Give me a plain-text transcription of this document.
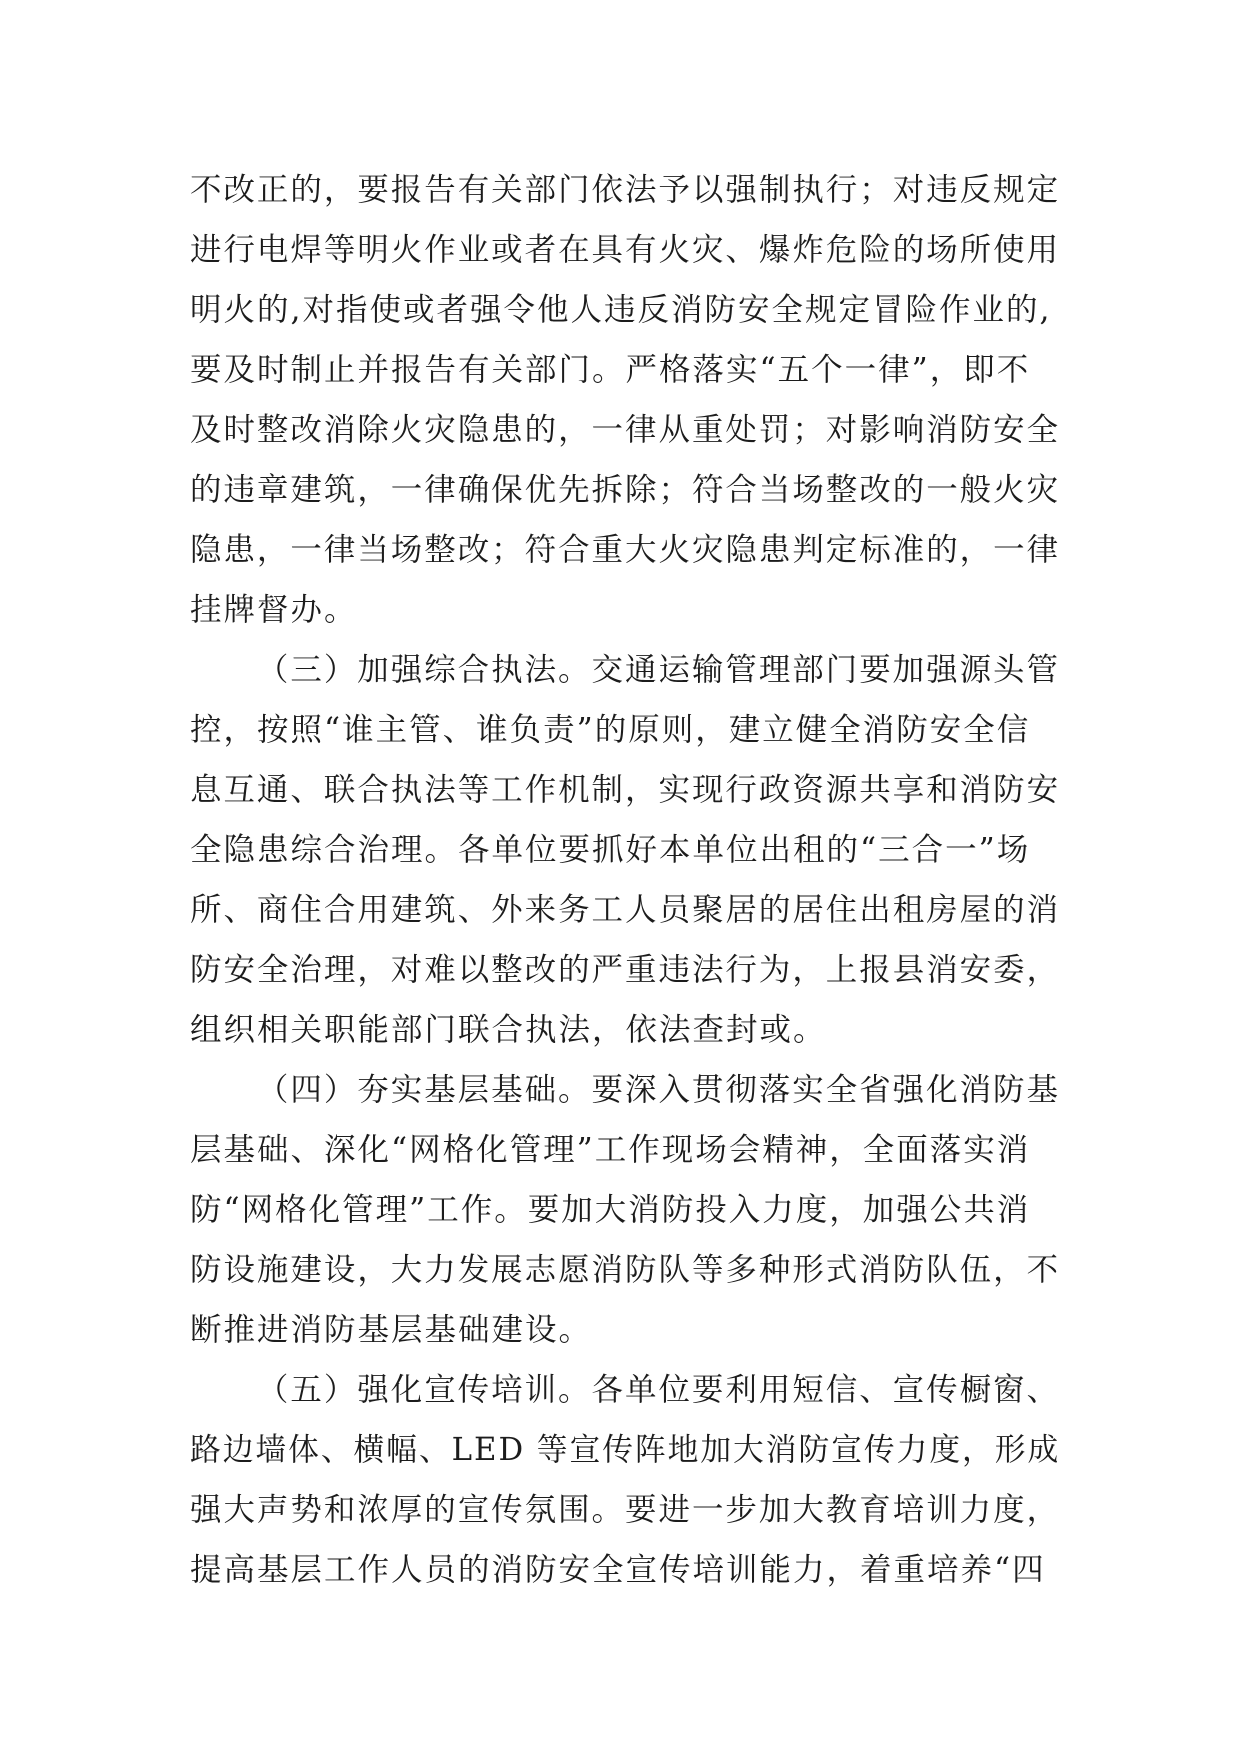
不改正的，要报告有关部门依法予以强制执行；对违反规定
进行电焊等明火作业或者在具有火灾、爆炸危险的场所使用
明火的,对指使或者强令他人违反消防安全规定冒险作业的,
要及时制止并报告有关部门。严格落实“五个一律”，即不
及时整改消除火灾隐患的，一律从重处罚；对影响消防安全
的违章建筑，一律确保优先拆除；符合当场整改的一般火灾
隐患，一律当场整改；符合重大火灾隐患判定标准的，一律
挂牌督办。

（三）加强综合执法。交通运输管理部门要加强源头管
控，按照“谁主管、谁负责”的原则，建立健全消防安全信
息互通、联合执法等工作机制，实现行政资源共享和消防安
全隐患综合治理。各单位要抓好本单位出租的“三合一”场
所、商住合用建筑、外来务工人员聚居的居住出租房屋的消
防安全治理，对难以整改的严重违法行为，上报县消安委，
组织相关职能部门联合执法，依法查封或。

（四）夯实基层基础。要深入贯彻落实全省强化消防基
层基础、深化“网格化管理”工作现场会精神，全面落实消
防“网格化管理”工作。要加大消防投入力度，加强公共消
防设施建设，大力发展志愿消防队等多种形式消防队伍，不
断推进消防基层基础建设。

（五）强化宣传培训。各单位要利用短信、宣传橱窗、
路边墙体、横幅、LED 等宣传阵地加大消防宣传力度，形成
强大声势和浓厚的宣传氛围。要进一步加大教育培训力度，
提高基层工作人员的消防安全宣传培训能力，着重培养“四
